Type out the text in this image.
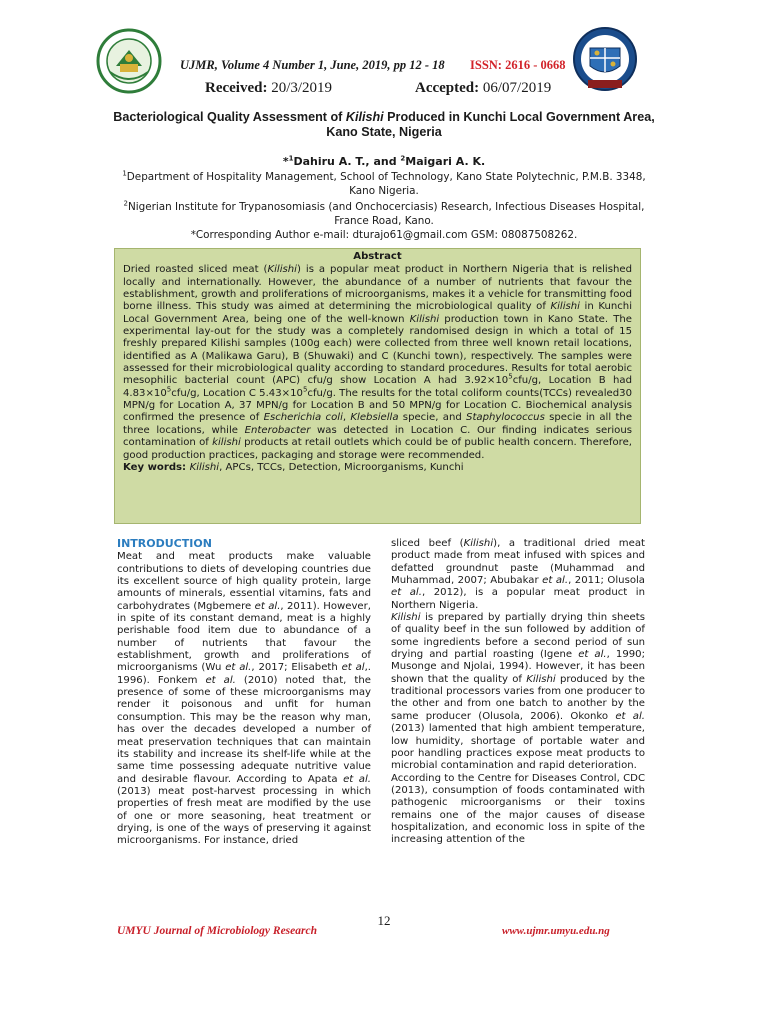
UJMR, Volume 4 Number 1, June, 2019, pp 12 - 18 ISSN: 2616 - 0668
Received: 20/3/2019	Accepted: 06/07/2019
Bacteriological Quality Assessment of Kilishi Produced in Kunchi Local Government Area, Kano State, Nigeria
*$^1$Dahiru A. T., and $^2$Maigari A. K.
$^1$Department of Hospitality Management, School of Technology, Kano State Polytechnic, P.M.B. 3348, Kano Nigeria.
$^2$Nigerian Institute for Trypanosomiasis (and Onchocerciasis) Research, Infectious Diseases Hospital, France Road, Kano.
*Corresponding Author e-mail: dturajo61@gmail.com GSM: 08087508262.
Abstract
Dried roasted sliced meat (Kilishi) is a popular meat product in Northern Nigeria that is relished locally and internationally. However, the abundance of a number of nutrients that favour the establishment, growth and proliferations of microorganisms, makes it a vehicle for transmitting food borne illness. This study was aimed at determining the microbiological quality of Kilishi in Kunchi Local Government Area, being one of the well-known Kilishi production town in Kano State. The experimental lay-out for the study was a completely randomised design in which a total of 15 freshly prepared Kilishi samples (100g each) were collected from three well known retail locations, identified as A (Malikawa Garu), B (Shuwaki) and C (Kunchi town), respectively. The samples were assessed for their microbiological quality according to standard procedures. Results for total aerobic mesophilic bacterial count (APC) cfu/g show Location A had $3.92\times 10^5cfu/g$, Location B had $4.83\times 10^5cfu/g$, Location C $5.43\times 10^5cfu/g$. The results for the total coliform counts(TCCs) revealed30 MPN/g for Location A, 37 MPN/g for Location B and 50 MPN/g for Location C. Biochemical analysis confirmed the presence of Escherichia coli, Klebsiella specie, and Staphylococcus specie in all the three locations, while Enterobacter was detected in Location C. Our finding indicates serious contamination of kilishi products at retail outlets which could be of public health concern. Therefore, good production practices, packaging and storage were recommended.
Key words: Kilishi, APCs, TCCs, Detection, Microorganisms, Kunchi
INTRODUCTION

Meat and meat products make valuable contributions to diets of developing countries due its excellent source of high quality protein, large amounts of minerals, essential vitamins, fats and carbohydrates (Mgbemere et al., 2011). However, in spite of its constant demand, meat is a highly perishable food item due to abundance of a number of nutrients that favour the establishment, growth and proliferations of microorganisms (Wu et al., 2017; Elisabeth et al,. 1996). Fonkem et al. (2010) noted that, the presence of some of these microorganisms may render it poisonous and unfit for human consumption. This may be the reason why man, has over the decades developed a number of meat preservation techniques that can maintain its stability and increase its shelf-life while at the same time possessing adequate nutritive value and desirable flavour. According to Apata et al. (2013) meat post-harvest processing in which properties of fresh meat are modified by the use of one or more seasoning, heat treatment or drying, is one of the ways of preserving it against microorganisms. For instance, dried

sliced beef (Kilishi), a traditional dried meat product made from meat infused with spices and defatted groundnut paste (Muhammad and Muhammad, 2007; Abubakar et al., 2011; Olusola et al., 2012), is a popular meat product in Northern Nigeria.

Kilishi is prepared by partially drying thin sheets of quality beef in the sun followed by addition of some ingredients before a second period of sun drying and partial roasting (Igene et al., 1990; Musonge and Njolai, 1994). However, it has been shown that the quality of Kilishi produced by the traditional processors varies from one producer to the other and from one batch to another by the same producer (Olusola, 2006). Okonko et al. (2013) lamented that high ambient temperature, low humidity, shortage of portable water and poor handling practices expose meat products to microbial contamination and rapid deterioration.

According to the Centre for Diseases Control, CDC (2013), consumption of foods contaminated with pathogenic microorganisms or their toxins remains one of the major causes of disease hospitalization, and economic loss in spite of the increasing attention of the

12
UMYU Journal of Microbiology Research	www.ujmr.umyu.edu.ng
